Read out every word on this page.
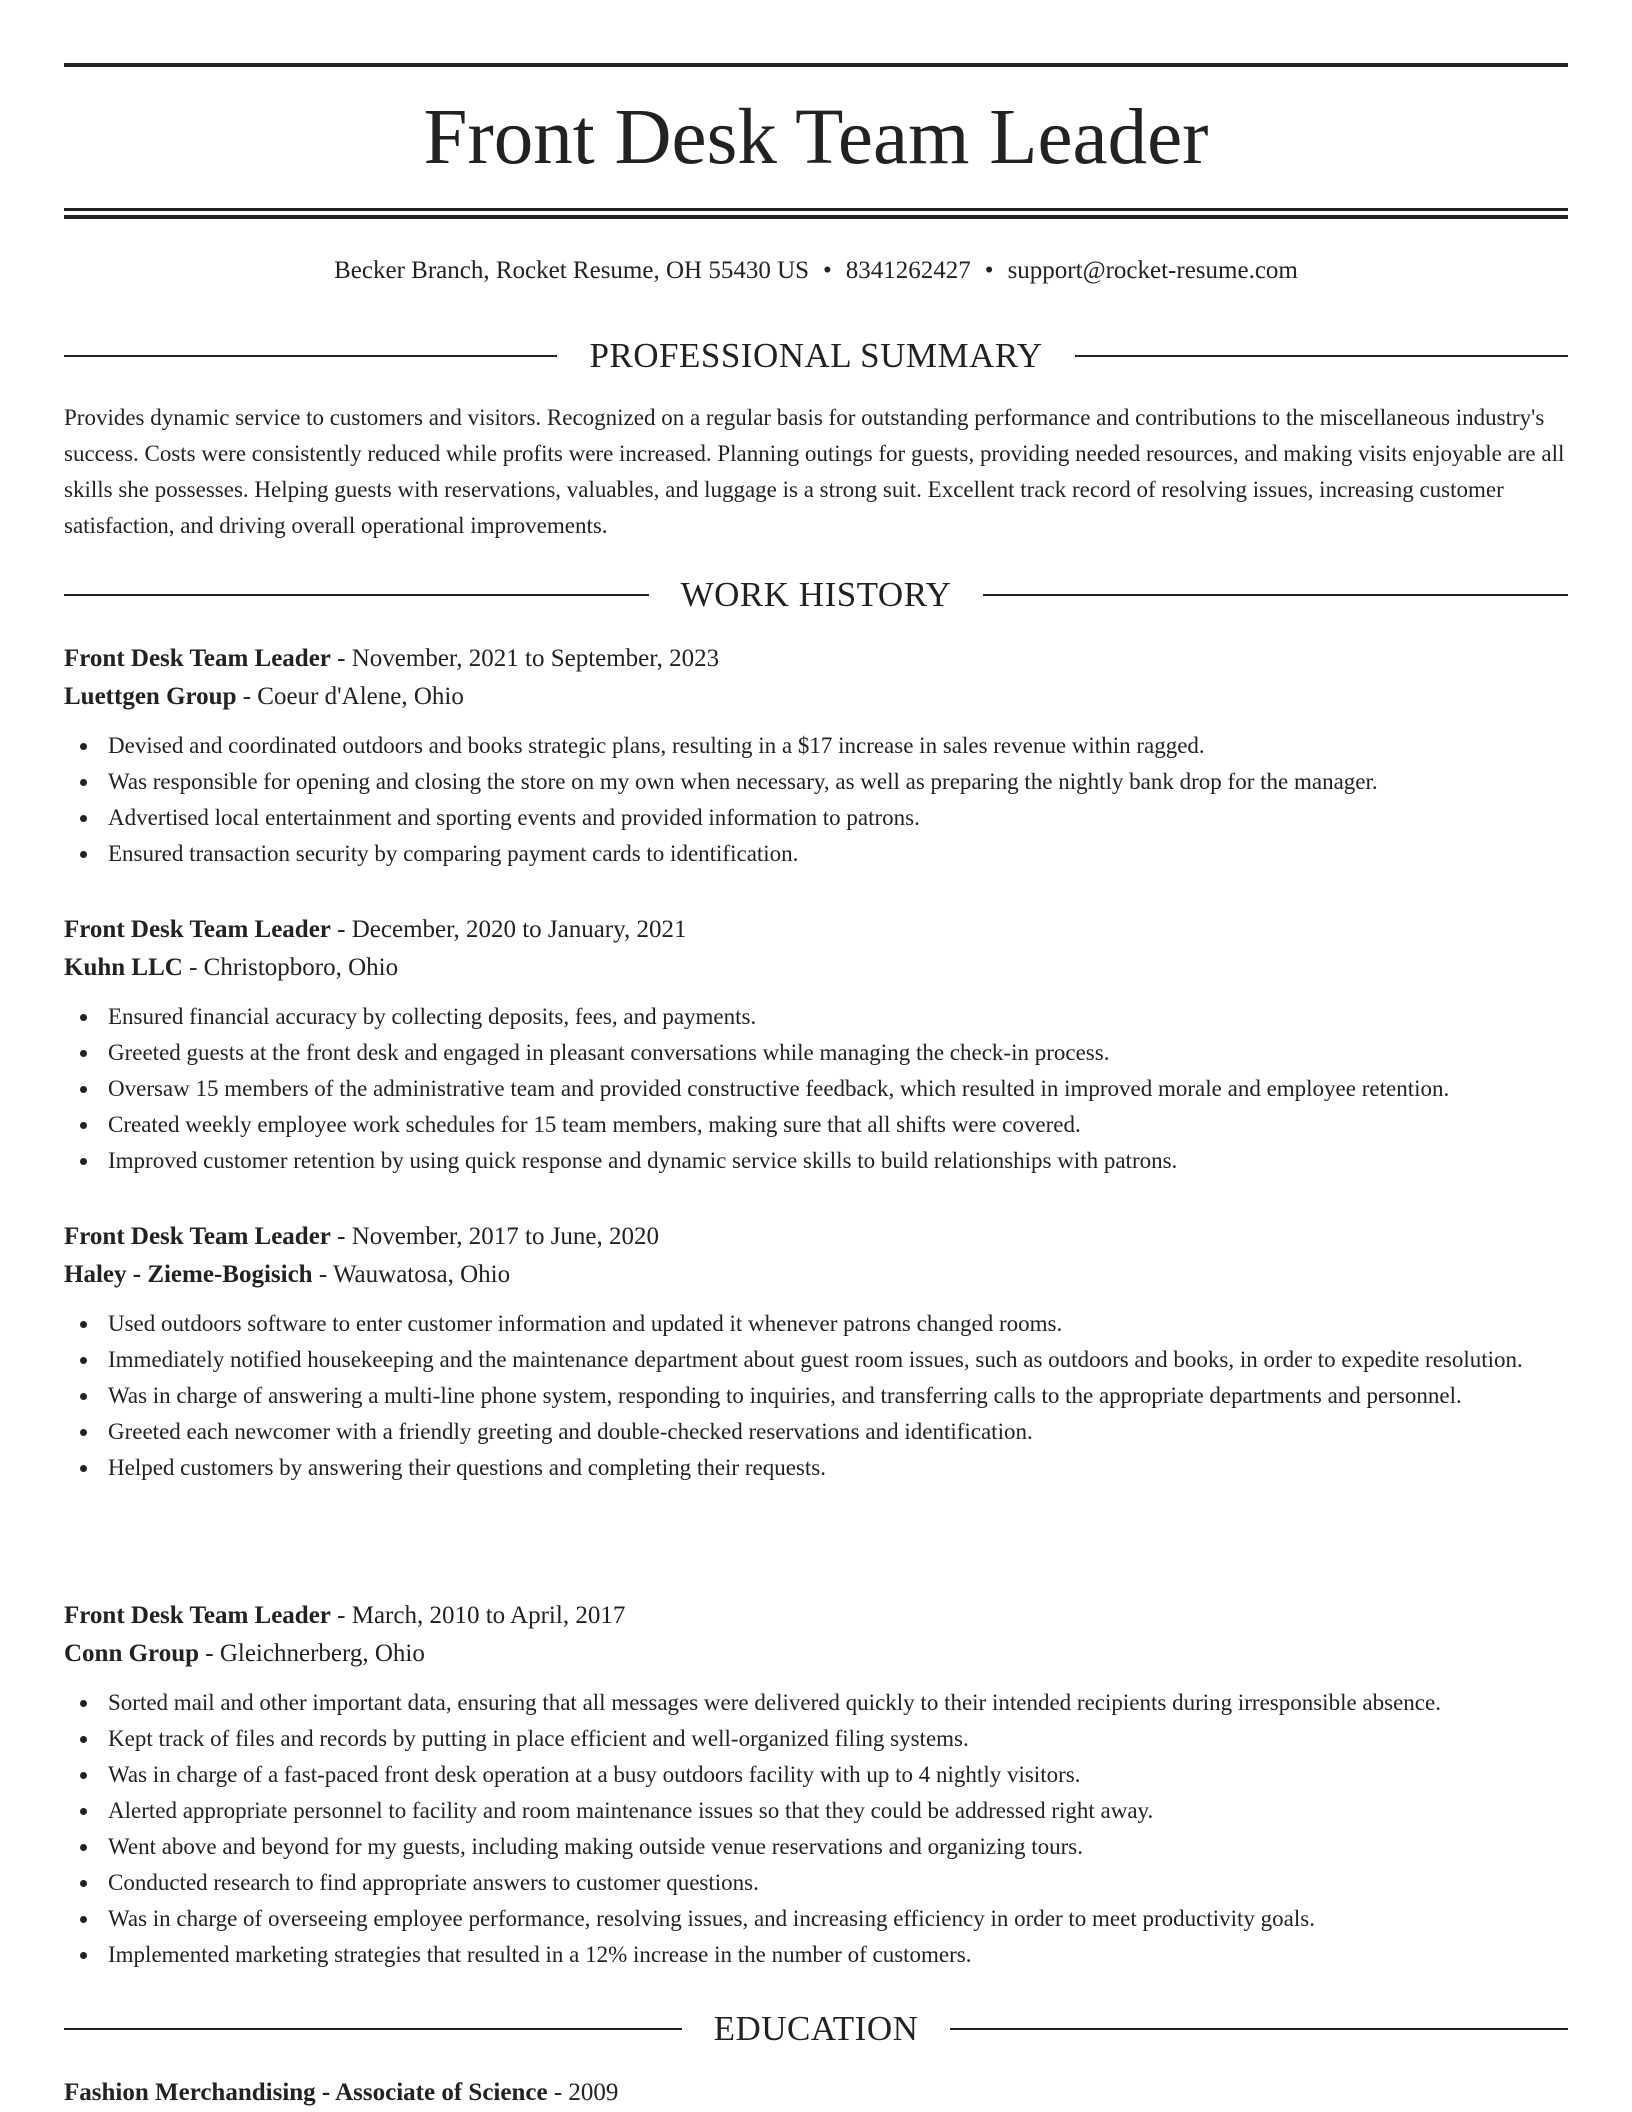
Front Desk Team Leader
Becker Branch, Rocket Resume, OH 55430 US • 8341262427 • support@rocket-resume.com
PROFESSIONAL SUMMARY

Provides dynamic service to customers and visitors. Recognized on a regular basis for outstanding performance and contributions to the miscellaneous industry's success. Costs were consistently reduced while profits were increased. Planning outings for guests, providing needed resources, and making visits enjoyable are all skills she possesses. Helping guests with reservations, valuables, and luggage is a strong suit. Excellent track record of resolving issues, increasing customer satisfaction, and driving overall operational improvements.

WORK HISTORY
Front Desk Team Leader - November, 2021 to September, 2023
Luettgen Group - Coeur d'Alene, Ohio
Devised and coordinated outdoors and books strategic plans, resulting in a $17 increase in sales revenue within ragged.
Was responsible for opening and closing the store on my own when necessary, as well as preparing the nightly bank drop for the manager.
Advertised local entertainment and sporting events and provided information to patrons.
Ensured transaction security by comparing payment cards to identification.
Front Desk Team Leader - December, 2020 to January, 2021
Kuhn LLC - Christopboro, Ohio
Ensured financial accuracy by collecting deposits, fees, and payments.
Greeted guests at the front desk and engaged in pleasant conversations while managing the check-in process.
Oversaw 15 members of the administrative team and provided constructive feedback, which resulted in improved morale and employee retention.
Created weekly employee work schedules for 15 team members, making sure that all shifts were covered.
Improved customer retention by using quick response and dynamic service skills to build relationships with patrons.
Front Desk Team Leader - November, 2017 to June, 2020
Haley - Zieme-Bogisich - Wauwatosa, Ohio
Used outdoors software to enter customer information and updated it whenever patrons changed rooms.
Immediately notified housekeeping and the maintenance department about guest room issues, such as outdoors and books, in order to expedite resolution.
Was in charge of answering a multi-line phone system, responding to inquiries, and transferring calls to the appropriate departments and personnel.
Greeted each newcomer with a friendly greeting and double-checked reservations and identification.
Helped customers by answering their questions and completing their requests.
Front Desk Team Leader - March, 2010 to April, 2017
Conn Group - Gleichnerberg, Ohio
Sorted mail and other important data, ensuring that all messages were delivered quickly to their intended recipients during irresponsible absence.
Kept track of files and records by putting in place efficient and well-organized filing systems.
Was in charge of a fast-paced front desk operation at a busy outdoors facility with up to 4 nightly visitors.
Alerted appropriate personnel to facility and room maintenance issues so that they could be addressed right away.
Went above and beyond for my guests, including making outside venue reservations and organizing tours.
Conducted research to find appropriate answers to customer questions.
Was in charge of overseeing employee performance, resolving issues, and increasing efficiency in order to meet productivity goals.
Implemented marketing strategies that resulted in a 12% increase in the number of customers.
EDUCATION
Fashion Merchandising - Associate of Science - 2009
